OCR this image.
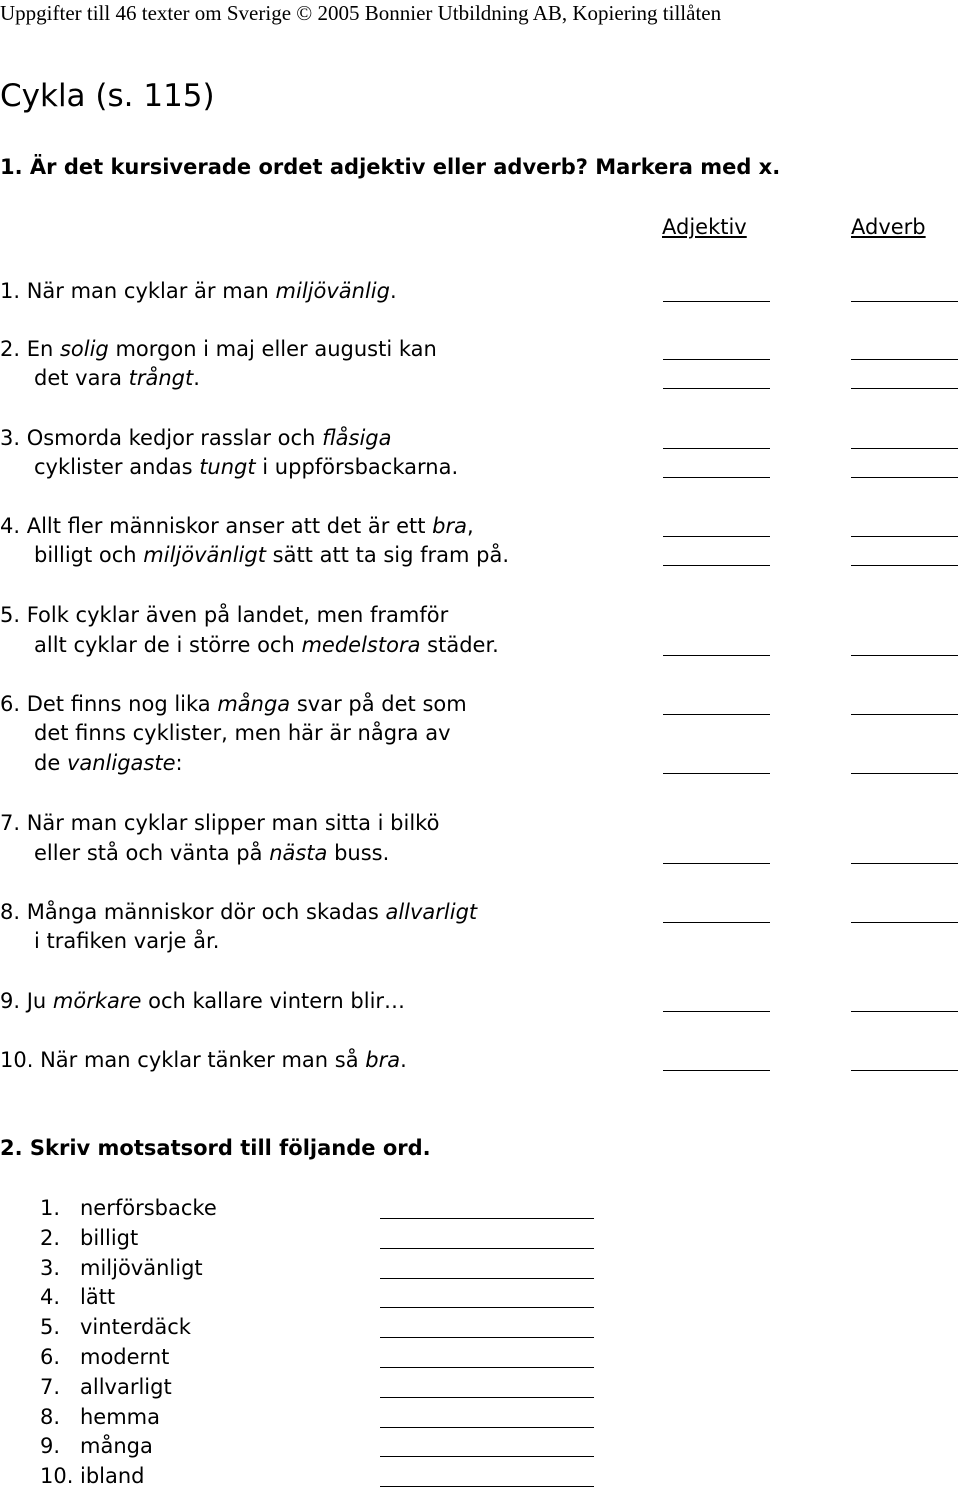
Uppgifter till 46 texter om Sverige © 2005 Bonnier Utbildning AB, Kopiering tillåten
Cykla (s. 115)
1. Är det kursiverade ordet adjektiv eller adverb? Markera med x.
Adjektiv	Adverb
1. När man cyklar är man miljövänlig.
2. En solig morgon i maj eller augusti kan
det vara trångt.
3. Osmorda kedjor rasslar och flåsiga
cyklister andas tungt i uppförsbackarna.
4. Allt fler människor anser att det är ett bra,
billigt och miljövänligt sätt att ta sig fram på.
5. Folk cyklar även på landet, men framför
allt cyklar de i större och medelstora städer.
6. Det finns nog lika många svar på det som
det finns cyklister, men här är några av
de vanligaste:
7. När man cyklar slipper man sitta i bilkö
eller stå och vänta på nästa buss.
8. Många människor dör och skadas allvarligt
i trafiken varje år.
9. Ju mörkare och kallare vintern blir…
10. När man cyklar tänker man så bra.
2. Skriv motsatsord till följande ord.
1. nerförsbacke
2. billigt
3. miljövänligt
4. lätt
5. vinterdäck
6. modernt
7. allvarligt
8. hemma
9. många
10. ibland
